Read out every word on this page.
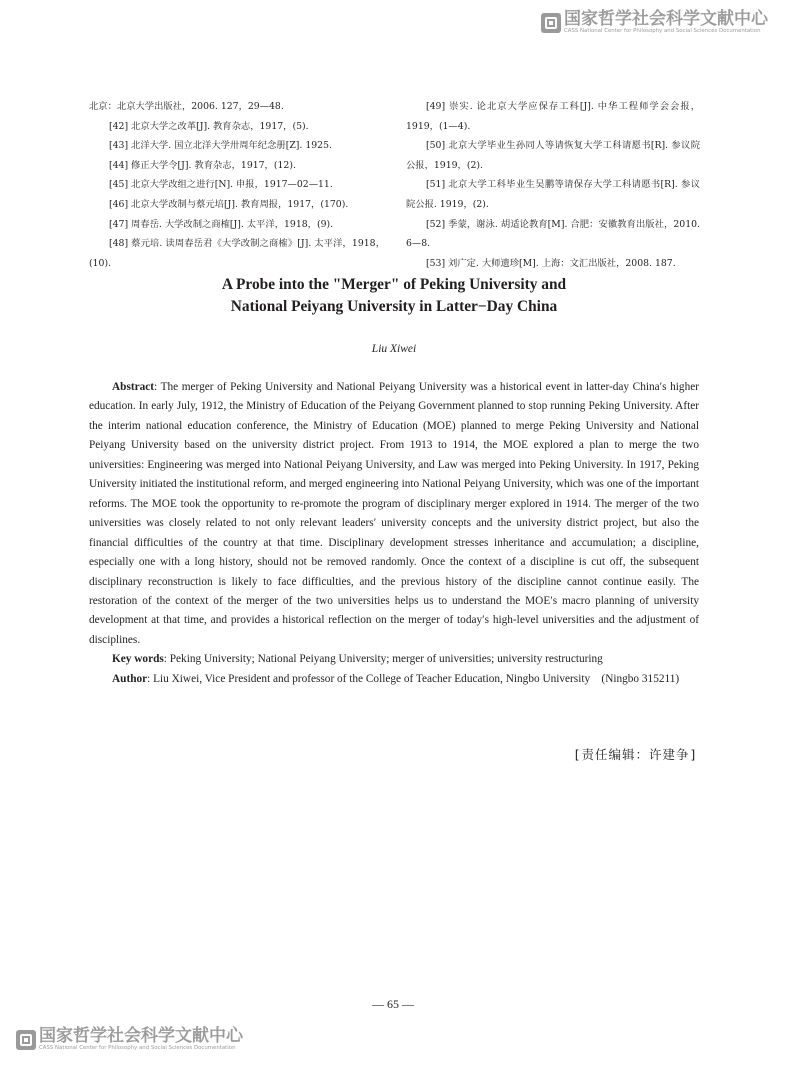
国家哲学社会科学文献中心
CASS National Center for Philosophy and Social Sciences Documentation
北京：北京大学出版社，2006. 127，29—48.
[42] 北京大学之改革[J]. 教育杂志，1917，(5).
[43] 北洋大学. 国立北洋大学卅周年纪念册[Z]. 1925.
[44] 修正大学令[J]. 教育杂志，1917，(12).
[45] 北京大学改组之进行[N]. 申报，1917—02—11.
[46] 北京大学改制与蔡元培[J]. 教育周报，1917，(170).
[47] 周春岳. 大学改制之商榷[J]. 太平洋，1918，(9).
[48] 蔡元培. 读周春岳君《大学改制之商榷》[J]. 太平洋，1918，(10).
[49] 崇实. 论北京大学应保存工科[J]. 中华工程师学会会报，1919，(1—4).
[50] 北京大学毕业生孙同人等请恢复大学工科请愿书[R]. 参议院公报，1919，(2).
[51] 北京大学工科毕业生吴鹏等请保存大学工科请愿书[R]. 参议院公报. 1919，(2).
[52] 季蒙，谢泳. 胡适论教育[M]. 合肥：安徽教育出版社，2010. 6—8.
[53] 刘广定. 大师遗珍[M]. 上海：文汇出版社，2008. 187.
A Probe into the "Merger" of Peking University and
National Peiyang University in Latter−Day China
Liu Xiwei

Abstract: The merger of Peking University and National Peiyang University was a historical event in latter-day China′s higher education. In early July, 1912, the Ministry of Education of the Peiyang Government planned to stop running Peking University. After the interim national education conference, the Ministry of Education (MOE) planned to merge Peking University and National Peiyang University based on the university district project. From 1913 to 1914, the MOE explored a plan to merge the two universities: Engineering was merged into National Peiyang University, and Law was merged into Peking University. In 1917, Peking University initiated the institutional reform, and merged engineering into National Peiyang University, which was one of the important reforms. The MOE took the opportunity to re-promote the program of disciplinary merger explored in 1914. The merger of the two universities was closely related to not only relevant leaders′ university concepts and the university district project, but also the financial difficulties of the country at that time. Disciplinary development stresses inheritance and accumulation; a discipline, especially one with a long history, should not be removed randomly. Once the context of a discipline is cut off, the subsequent disciplinary reconstruction is likely to face difficulties, and the previous history of the discipline cannot continue easily. The restoration of the context of the merger of the two universities helps us to understand the MOE′s macro planning of university development at that time, and provides a historical reflection on the merger of today′s high-level universities and the adjustment of disciplines.

Key words: Peking University; National Peiyang University; merger of universities; university restructuring

Author: Liu Xiwei, Vice President and professor of the College of Teacher Education, Ningbo University　(Ningbo 315211)

[责任编辑：许建争]
— 65 —
国家哲学社会科学文献中心
CASS National Center for Philosophy and Social Sciences Documentation
